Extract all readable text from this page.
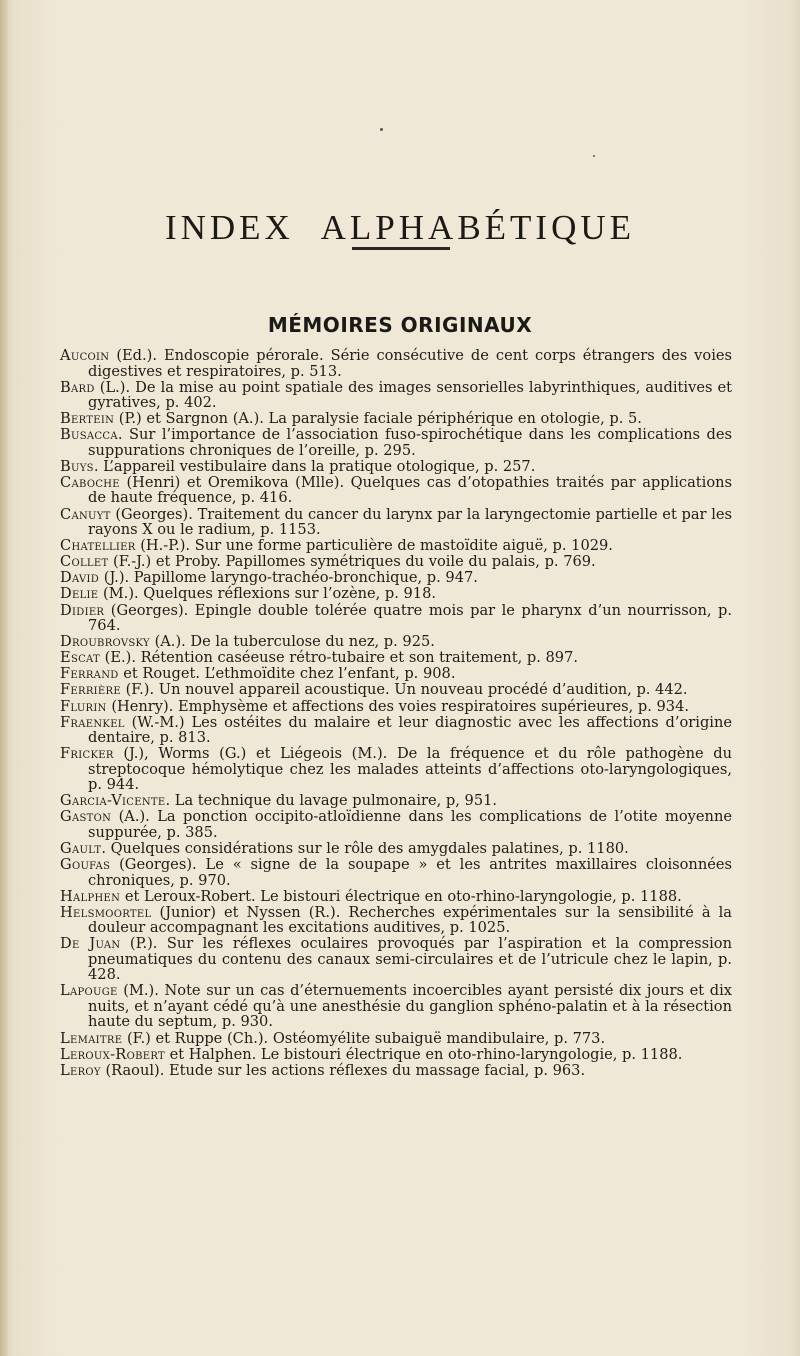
INDEX ALPHABÉTIQUE
MÉMOIRES ORIGINAUX

Aucoin (Ed.). Endoscopie pérorale. Série consécutive de cent corps étrangers des voies digestives et respiratoires, p. 513.

Bard (L.). De la mise au point spatiale des images sensorielles labyrinthiques, auditives et gyratives, p. 402.

Bertein (P.) et Sargnon (A.). La paralysie faciale périphérique en otologie, p. 5.

Busacca. Sur l’importance de l’association fuso-spirochétique dans les complications des suppurations chroniques de l’oreille, p. 295.

Buys. L’appareil vestibulaire dans la pratique otologique, p. 257.

Caboche (Henri) et Oremikova (Mlle). Quelques cas d’otopathies traités par applications de haute fréquence, p. 416.

Canuyt (Georges). Traitement du cancer du larynx par la laryngectomie partielle et par les rayons X ou le radium, p. 1153.

Chatellier (H.-P.). Sur une forme particulière de mastoïdite aiguë, p. 1029.

Collet (F.-J.) et Proby. Papillomes symétriques du voile du palais, p. 769.

David (J.). Papillome laryngo-trachéo-bronchique, p. 947.

Delie (M.). Quelques réflexions sur l’ozène, p. 918.

Didier (Georges). Epingle double tolérée quatre mois par le pharynx d’un nourrisson, p. 764.

Droubrovsky (A.). De la tuberculose du nez, p. 925.

Escat (E.). Rétention caséeuse rétro-tubaire et son traitement, p. 897.

Ferrand et Rouget. L’ethmoïdite chez l’enfant, p. 908.

Ferrière (F.). Un nouvel appareil acoustique. Un nouveau procédé d’audition, p. 442.

Flurin (Henry). Emphysème et affections des voies respiratoires supérieures, p. 934.

Fraenkel (W.-M.) Les ostéites du malaire et leur diagnostic avec les affections d’origine dentaire, p. 813.

Fricker (J.), Worms (G.) et Liégeois (M.). De la fréquence et du rôle pathogène du streptocoque hémolytique chez les malades atteints d’affections oto-laryngologiques, p. 944.

Garcia-Vicente. La technique du lavage pulmonaire, p, 951.

Gaston (A.). La ponction occipito-atloïdienne dans les complications de l’otite moyenne suppurée, p. 385.

Gault. Quelques considérations sur le rôle des amygdales palatines, p. 1180.

Goufas (Georges). Le « signe de la soupape » et les antrites maxillaires cloisonnées chroniques, p. 970.

Halphen et Leroux-Robert. Le bistouri électrique en oto-rhino-laryngologie, p. 1188.

Helsmoortel (Junior) et Nyssen (R.). Recherches expérimentales sur la sensibilité à la douleur accompagnant les excitations auditives, p. 1025.

De Juan (P.). Sur les réflexes oculaires provoqués par l’aspiration et la compression pneumatiques du contenu des canaux semi-circulaires et de l’utricule chez le lapin, p. 428.

Lapouge (M.). Note sur un cas d’éternuements incoercibles ayant persisté dix jours et dix nuits, et n’ayant cédé qu’à une anesthésie du ganglion sphéno-palatin et à la résection haute du septum, p. 930.

Lemaitre (F.) et Ruppe (Ch.). Ostéomyélite subaiguë mandibulaire, p. 773.

Leroux-Robert et Halphen. Le bistouri électrique en oto-rhino-laryngologie, p. 1188.

Leroy (Raoul). Etude sur les actions réflexes du massage facial, p. 963.
